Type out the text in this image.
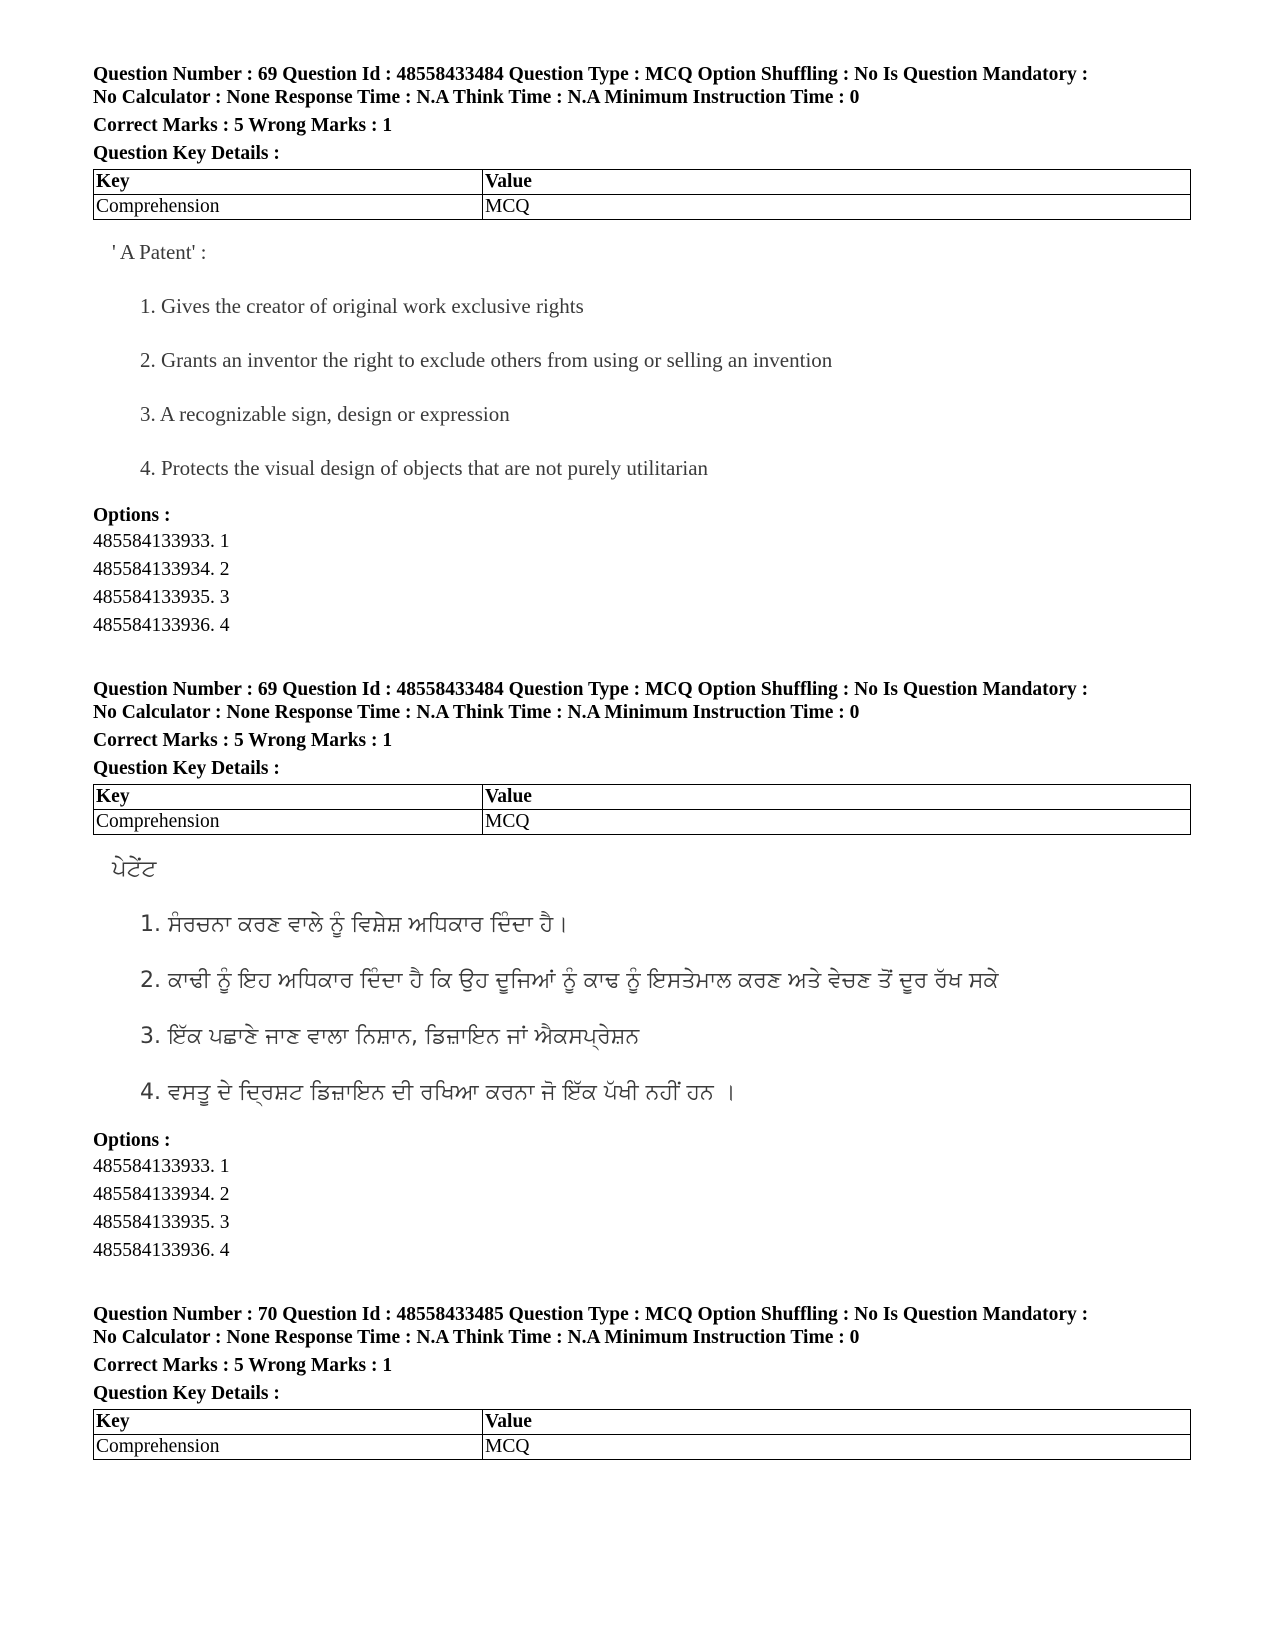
Question Number : 69 Question Id : 48558433484 Question Type : MCQ Option Shuffling : No Is Question Mandatory :
No Calculator : None Response Time : N.A Think Time : N.A Minimum Instruction Time : 0

Correct Marks : 5 Wrong Marks : 1
Question Key Details :
Key	Value
Comprehension	MCQ
' A Patent' :
1. Gives the creator of original work exclusive rights
2. Grants an inventor the right to exclude others from using or selling an invention
3. A recognizable sign, design or expression
4. Protects the visual design of objects that are not purely utilitarian
Options :
485584133933. 1
485584133934. 2
485584133935. 3
485584133936. 4

Question Number : 69 Question Id : 48558433484 Question Type : MCQ Option Shuffling : No Is Question Mandatory :
No Calculator : None Response Time : N.A Think Time : N.A Minimum Instruction Time : 0

Correct Marks : 5 Wrong Marks : 1
Question Key Details :
Key	Value
Comprehension	MCQ
ਪੇਟੇਂਟ
1. ਸੰਰਚਨਾ ਕਰਣ ਵਾਲੇ ਨੂੰ ਵਿਸ਼ੇਸ਼ ਅਧਿਕਾਰ ਦਿੰਦਾ ਹੈ।
2. ਕਾਢੀ ਨੂੰ ਇਹ ਅਧਿਕਾਰ ਦਿੰਦਾ ਹੈ ਕਿ ਉਹ ਦੂਜਿਆਂ ਨੂੰ ਕਾਢ ਨੂੰ ਇਸਤੇਮਾਲ ਕਰਣ ਅਤੇ ਵੇਚਣ ਤੋਂ ਦੂਰ ਰੱਖ ਸਕੇ
3. ਇੱਕ ਪਛਾਣੇ ਜਾਣ ਵਾਲਾ ਨਿਸ਼ਾਨ, ਡਿਜ਼ਾਇਨ ਜਾਂ ਐਕਸਪ੍ਰੇਸ਼ਨ
4. ਵਸਤੂ ਦੇ ਦ੍ਰਿਸ਼ਟ ਡਿਜ਼ਾਇਨ ਦੀ ਰਖਿਆ ਕਰਨਾ ਜੋ ਇੱਕ ਪੱਖੀ ਨਹੀਂ ਹਨ ।
Options :
485584133933. 1
485584133934. 2
485584133935. 3
485584133936. 4

Question Number : 70 Question Id : 48558433485 Question Type : MCQ Option Shuffling : No Is Question Mandatory :
No Calculator : None Response Time : N.A Think Time : N.A Minimum Instruction Time : 0

Correct Marks : 5 Wrong Marks : 1
Question Key Details :
Key	Value
Comprehension	MCQ
